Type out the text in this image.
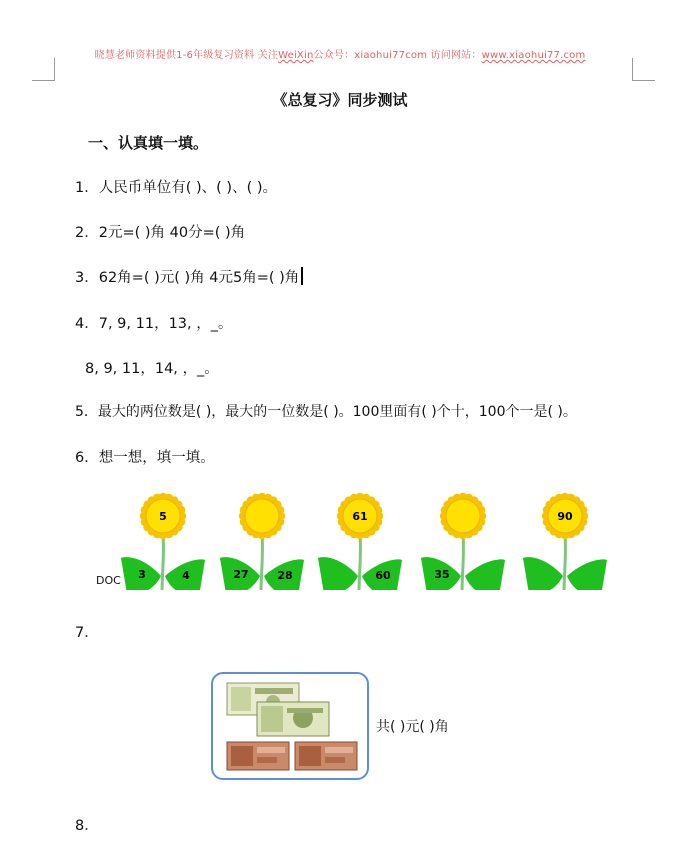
晓慧老师资料提供1-6年级复习资料 关注WeiXin公众号：xiaohui77com 访问网站：www.xiaohui77.com
《总复习》同步测试
一、认真填一填。
1．人民币单位有( )、( )、( )。
2．2元=( )角 40分=( )角
3．62角=( )元( )角 4元5角=( )角
4．7, 9, 11，13, ，_。
8, 9, 11，14, ，_。
5．最大的两位数是( )，最大的一位数是( )。100里面有( )个十，100个一是( )。
6．想一想，填一填。
5
3	4	27	28
61
60	35
90
DOC
7．
共( )元( )角
8．
